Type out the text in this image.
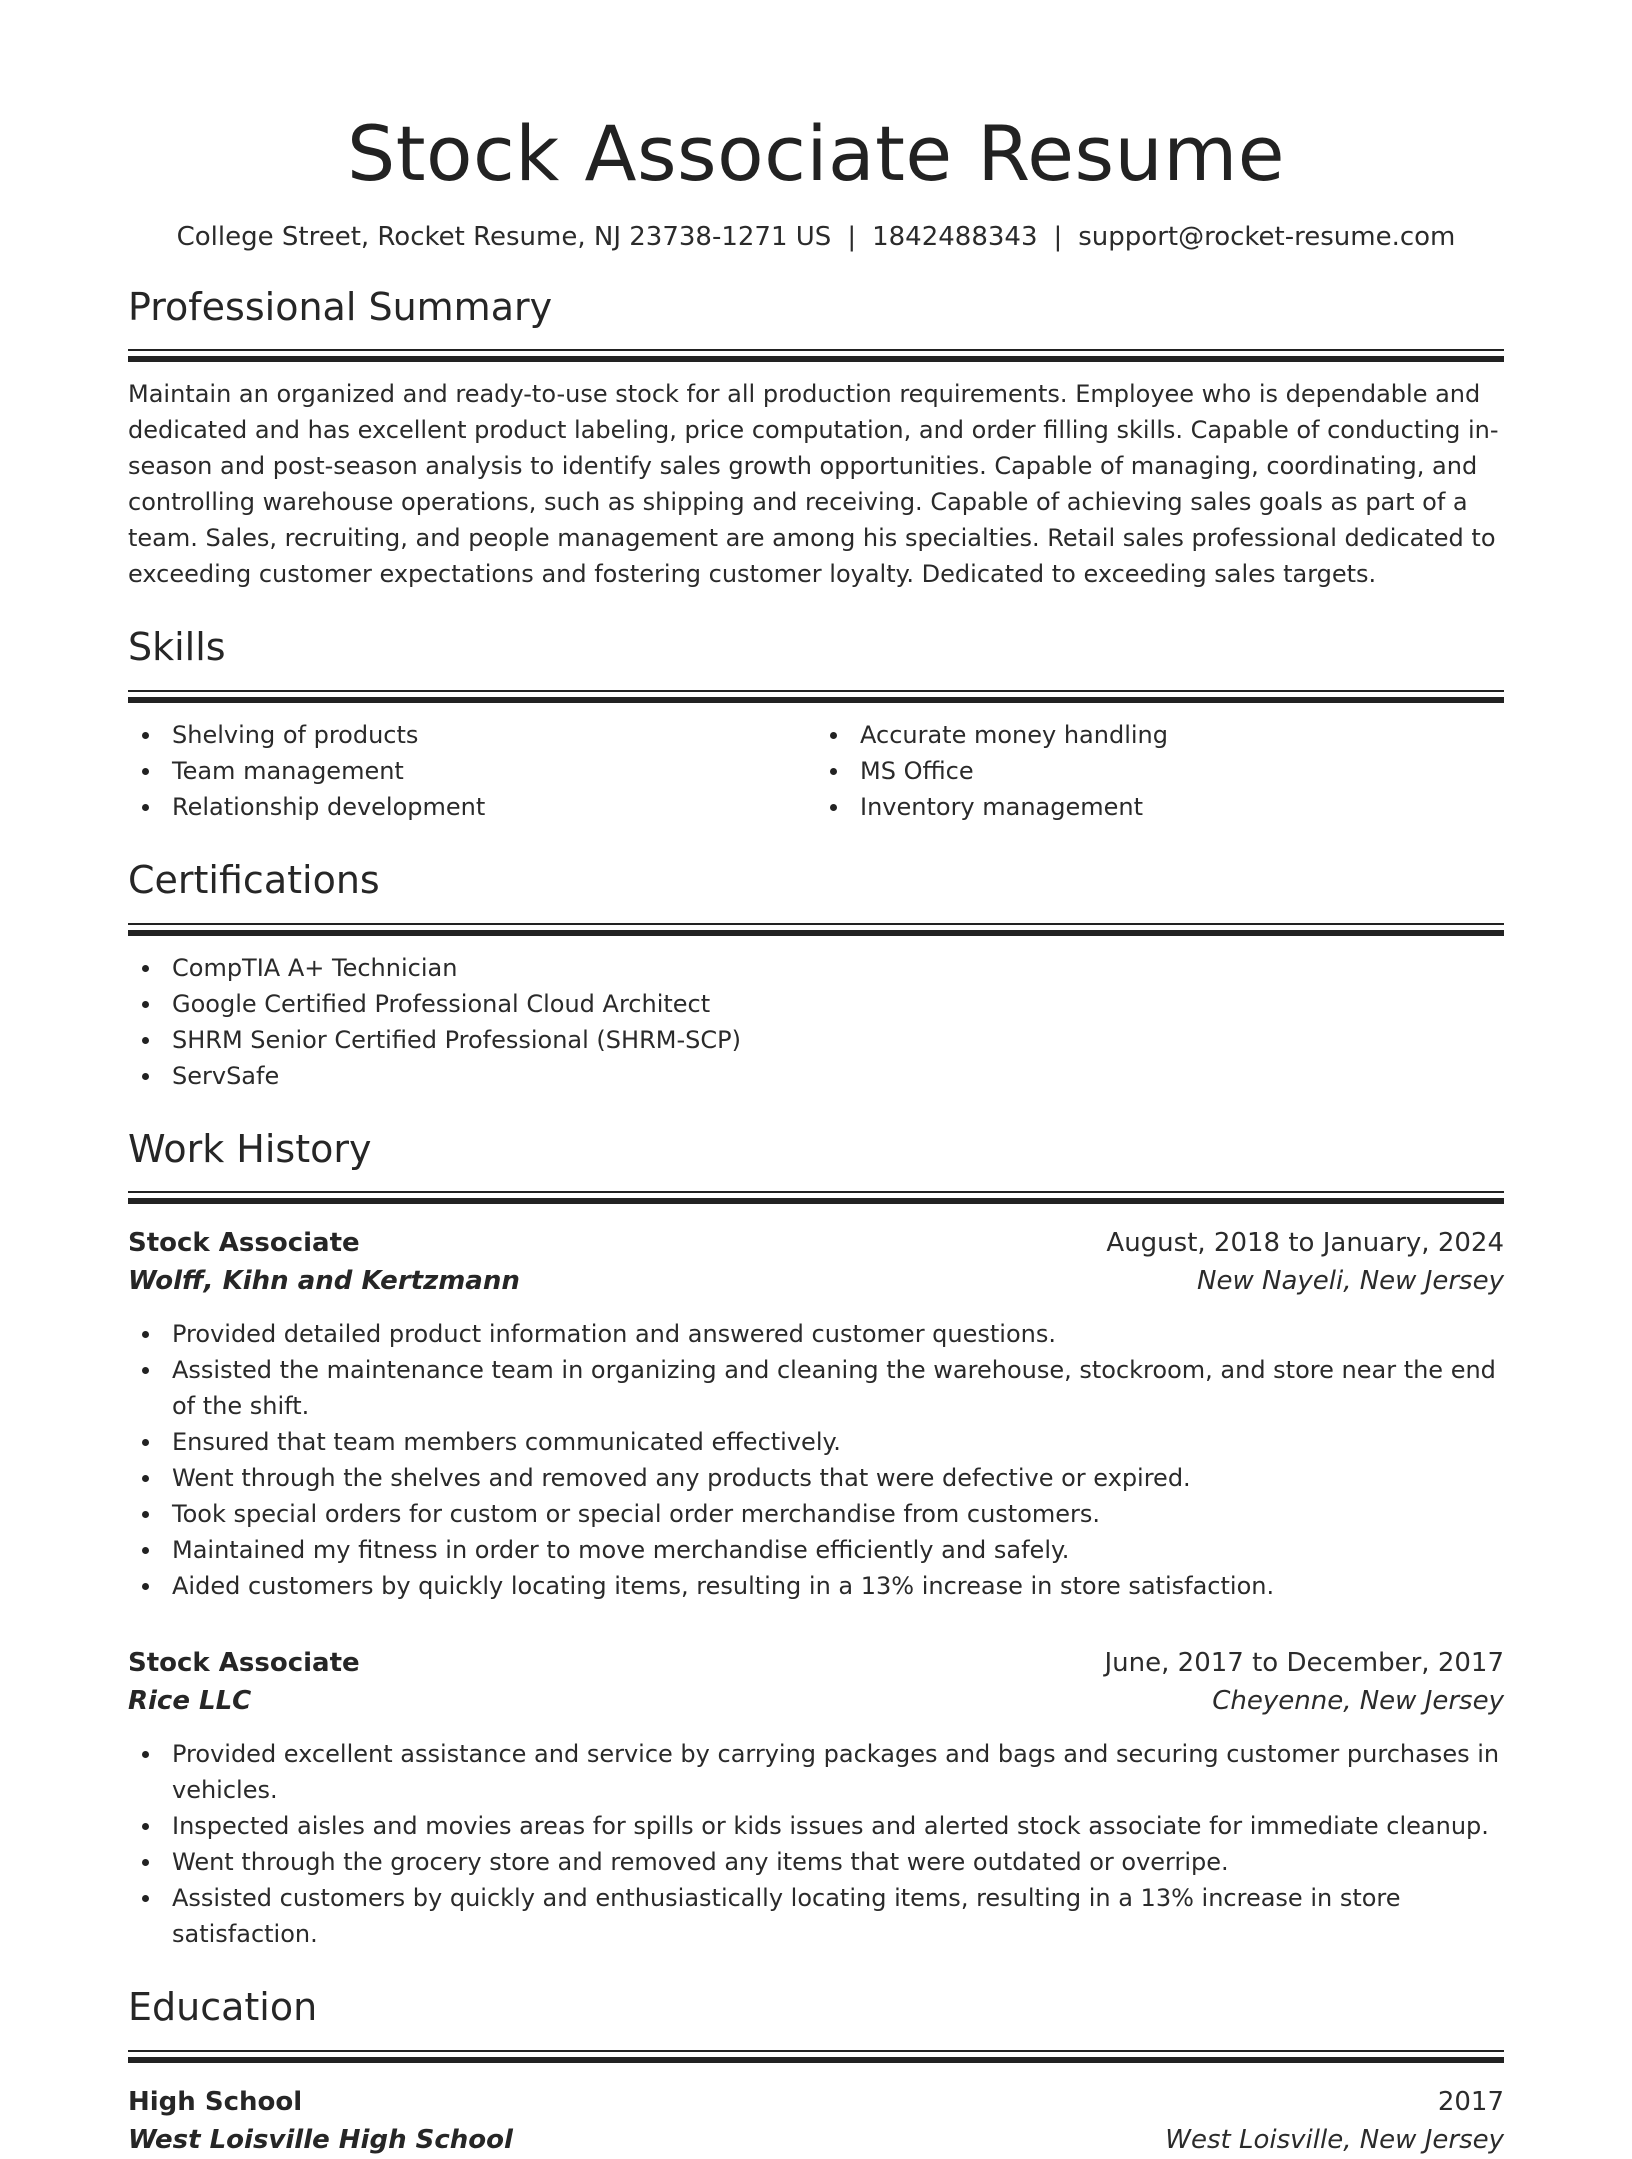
Stock Associate Resume
College Street, Rocket Resume, NJ 23738-1271 US | 1842488343 | support@rocket-resume.com
Professional Summary
Maintain an organized and ready-to-use stock for all production requirements. Employee who is dependable and dedicated and has excellent product labeling, price computation, and order filling skills. Capable of conducting in-season and post-season analysis to identify sales growth opportunities. Capable of managing, coordinating, and controlling warehouse operations, such as shipping and receiving. Capable of achieving sales goals as part of a team. Sales, recruiting, and people management are among his specialties. Retail sales professional dedicated to exceeding customer expectations and fostering customer loyalty. Dedicated to exceeding sales targets.
Skills
Shelving of products
Team management
Relationship development
Accurate money handling
MS Office
Inventory management
Certifications
CompTIA A+ Technician
Google Certified Professional Cloud Architect
SHRM Senior Certified Professional (SHRM-SCP)
ServSafe
Work History
Stock Associate	August, 2018 to January, 2024
Wolff, Kihn and Kertzmann	New Nayeli, New Jersey
Provided detailed product information and answered customer questions.
Assisted the maintenance team in organizing and cleaning the warehouse, stockroom, and store near the end of the shift.
Ensured that team members communicated effectively.
Went through the shelves and removed any products that were defective or expired.
Took special orders for custom or special order merchandise from customers.
Maintained my fitness in order to move merchandise efficiently and safely.
Aided customers by quickly locating items, resulting in a 13% increase in store satisfaction.
Stock Associate	June, 2017 to December, 2017
Rice LLC	Cheyenne, New Jersey
Provided excellent assistance and service by carrying packages and bags and securing customer purchases in vehicles.
Inspected aisles and movies areas for spills or kids issues and alerted stock associate for immediate cleanup.
Went through the grocery store and removed any items that were outdated or overripe.
Assisted customers by quickly and enthusiastically locating items, resulting in a 13% increase in store satisfaction.
Education
High School	2017
West Loisville High School	West Loisville, New Jersey
